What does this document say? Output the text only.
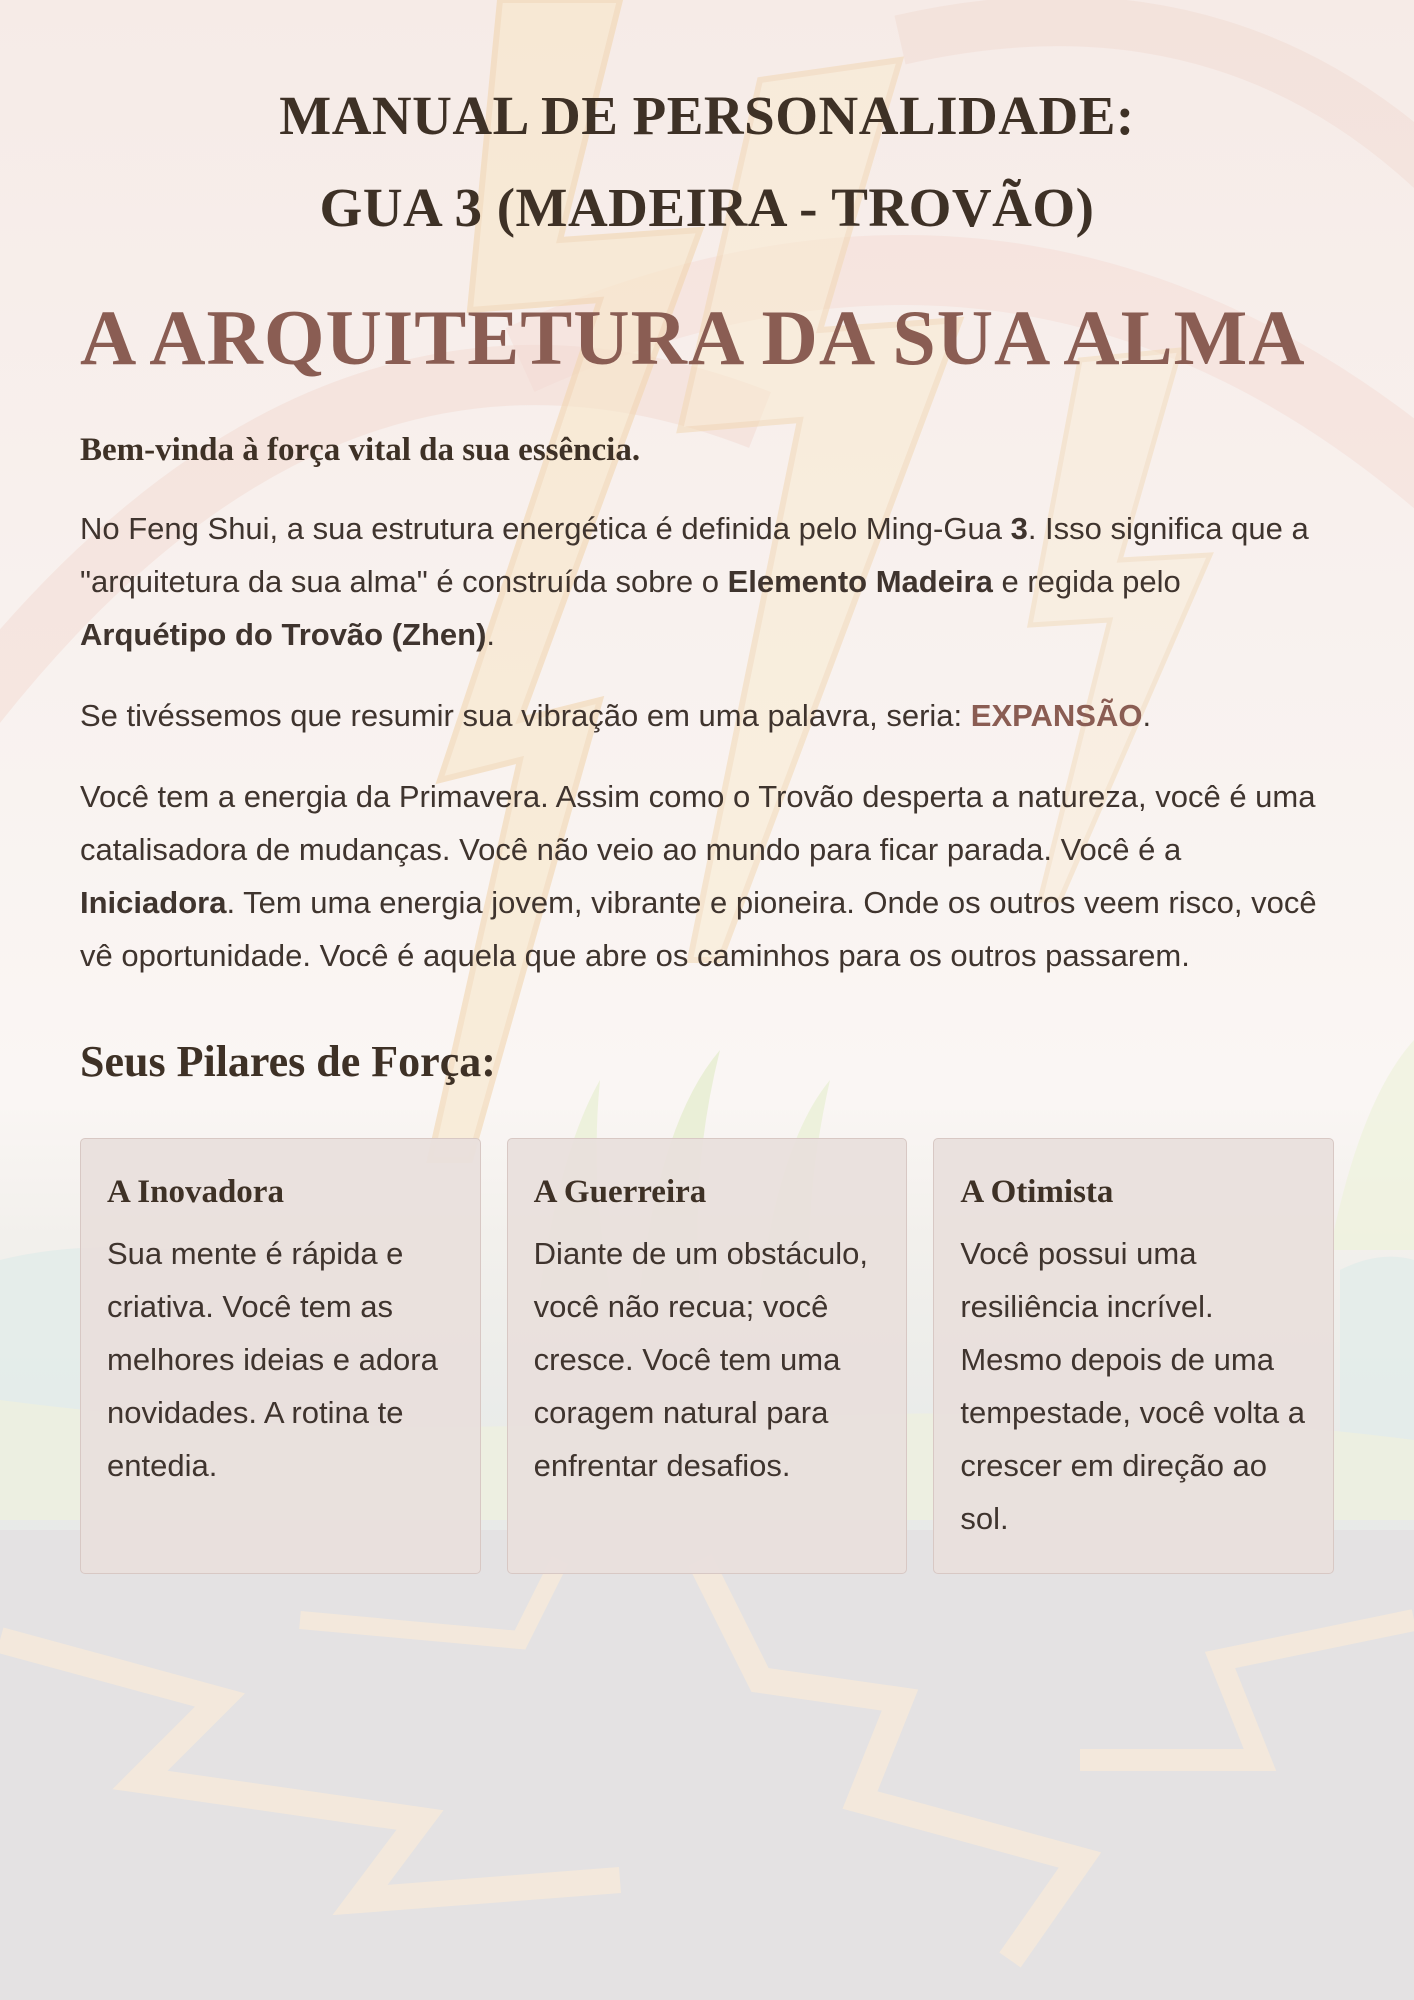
MANUAL DE PERSONALIDADE:
GUA 3 (MADEIRA - TROVÃO)
A ARQUITETURA DA SUA ALMA

Bem-vinda à força vital da sua essência.

No Feng Shui, a sua estrutura energética é definida pelo Ming-Gua 3. Isso significa que a "arquitetura da sua alma" é construída sobre o Elemento Madeira e regida pelo Arquétipo do Trovão (Zhen).

Se tivéssemos que resumir sua vibração em uma palavra, seria: EXPANSÃO.

Você tem a energia da Primavera. Assim como o Trovão desperta a natureza, você é uma catalisadora de mudanças. Você não veio ao mundo para ficar parada. Você é a Iniciadora. Tem uma energia jovem, vibrante e pioneira. Onde os outros veem risco, você vê oportunidade. Você é aquela que abre os caminhos para os outros passarem.

Seus Pilares de Força:
A Inovadora

Sua mente é rápida e criativa. Você tem as melhores ideias e adora novidades. A rotina te entedia.

A Guerreira

Diante de um obstáculo, você não recua; você cresce. Você tem uma coragem natural para enfrentar desafios.

A Otimista

Você possui uma resiliência incrível. Mesmo depois de uma tempestade, você volta a crescer em direção ao sol.
